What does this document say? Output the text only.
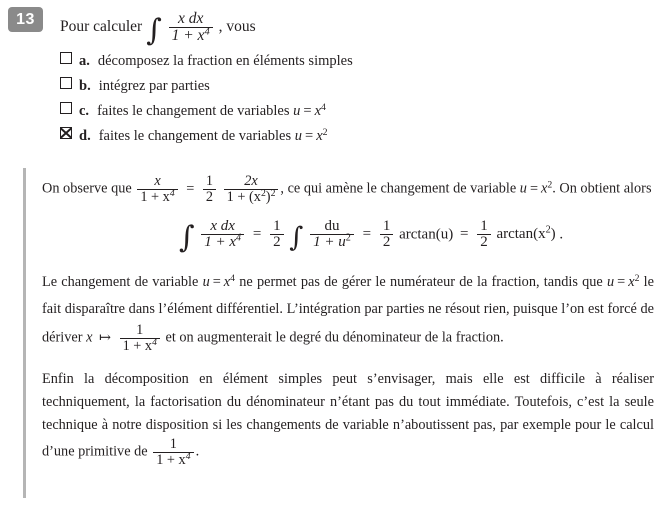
13	Pour calculer ∫ $\frac{\text{x dx}}{1 + x^4}$ , vous
a. décomposez la fraction en éléments simples
b. intégrez par parties
c. faites le changement de variables $u = x^4$
d. faites le changement de variables $u = x^2$

On observe que $\frac{x}{1 + x^4} = \frac{1}{2}$
$\frac{2x}{1 + (x^2)^2}$ , ce qui amène le changement de variable $u = x^2$. On obtient alors

∫ $\frac{\text{x dx}}{1 + x^4} = \frac{1}{2}$ ∫ $\frac{du}{1 + u^2} = \frac{1}{2} \arctan(u) = \frac{1}{2} \arctan(x^2)$ .

Le changement de variable $u = x^4$ ne permet pas de gérer le numérateur de la fraction, tandis que $u = x^2$ le fait disparaître dans l’élément différentiel. L’intégration par parties ne résout rien, puisque l’on est forcé de dériver x ↦ $\frac{1}{1 + x^4}$ et on augmenterait le degré du dénominateur de la fraction.

Enfin la décomposition en élément simples peut s’envisager, mais elle est difficile à réaliser techniquement, la factorisation du dénominateur n’étant pas du tout immédiate. Toutefois, c’est la seule technique à notre disposition si les changements de variable n’aboutissent pas, par exemple pour le calcul d’une primitive de $\frac{1}{1 + x^4}$ .
